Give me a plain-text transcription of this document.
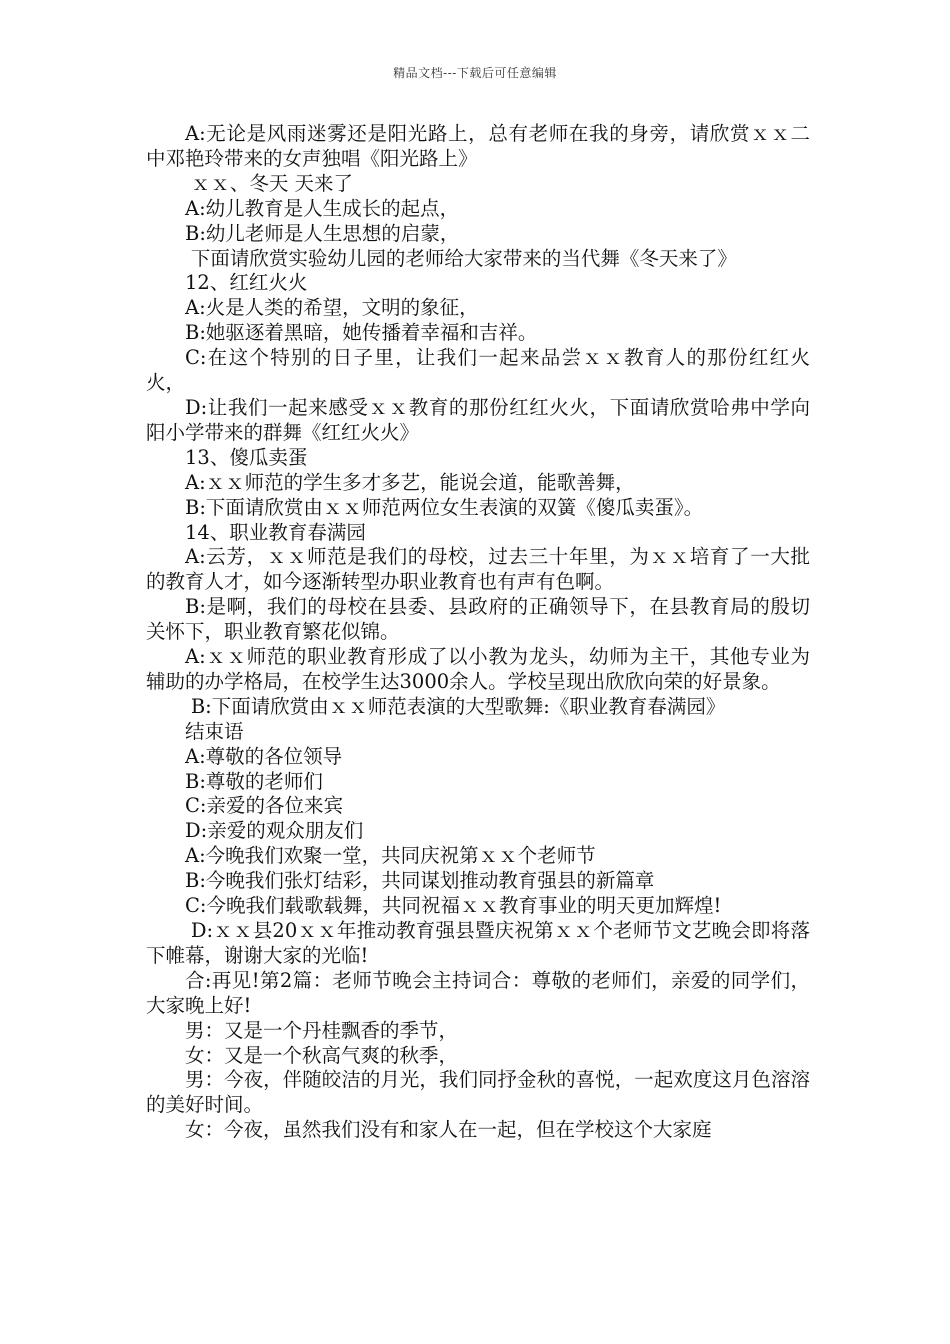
精品文档---下载后可任意编辑

A:无论是风雨迷雾还是阳光路上，总有老师在我的身旁，请欣赏ｘｘ二中邓艳玲带来的女声独唱《阳光路上》

ｘｘ、冬天 天来了

A:幼儿教育是人生成长的起点，

B:幼儿老师是人生思想的启蒙，

下面请欣赏实验幼儿园的老师给大家带来的当代舞《冬天来了》

12、红红火火

A:火是人类的希望，文明的象征，

B:她驱逐着黑暗，她传播着幸福和吉祥。

C:在这个特别的日子里，让我们一起来品尝ｘｘ教育人的那份红红火火，

D:让我们一起来感受ｘｘ教育的那份红红火火，下面请欣赏哈弗中学向阳小学带来的群舞《红红火火》

13、傻瓜卖蛋

A:ｘｘ师范的学生多才多艺，能说会道，能歌善舞，

B:下面请欣赏由ｘｘ师范两位女生表演的双簧《傻瓜卖蛋》。

14、职业教育春满园

A:云芳，ｘｘ师范是我们的母校，过去三十年里，为ｘｘ培育了一大批的教育人才，如今逐渐转型办职业教育也有声有色啊。

B:是啊，我们的母校在县委、县政府的正确领导下，在县教育局的殷切关怀下，职业教育繁花似锦。

A:ｘｘ师范的职业教育形成了以小教为龙头，幼师为主干，其他专业为辅助的办学格局，在校学生达3000余人。学校呈现出欣欣向荣的好景象。

B:下面请欣赏由ｘｘ师范表演的大型歌舞:《职业教育春满园》

结束语

A:尊敬的各位领导

B:尊敬的老师们

C:亲爱的各位来宾

D:亲爱的观众朋友们

A:今晚我们欢聚一堂，共同庆祝第ｘｘ个老师节

B:今晚我们张灯结彩，共同谋划推动教育强县的新篇章

C:今晚我们载歌载舞，共同祝福ｘｘ教育事业的明天更加辉煌!

D:ｘｘ县20ｘｘ年推动教育强县暨庆祝第ｘｘ个老师节文艺晚会即将落下帷幕，谢谢大家的光临!

合:再见!第2篇：老师节晚会主持词合：尊敬的老师们，亲爱的同学们，大家晚上好!

男：又是一个丹桂飘香的季节，

女：又是一个秋高气爽的秋季，

男：今夜，伴随皎洁的月光，我们同抒金秋的喜悦，一起欢度这月色溶溶的美好时间。

女：今夜，虽然我们没有和家人在一起，但在学校这个大家庭
